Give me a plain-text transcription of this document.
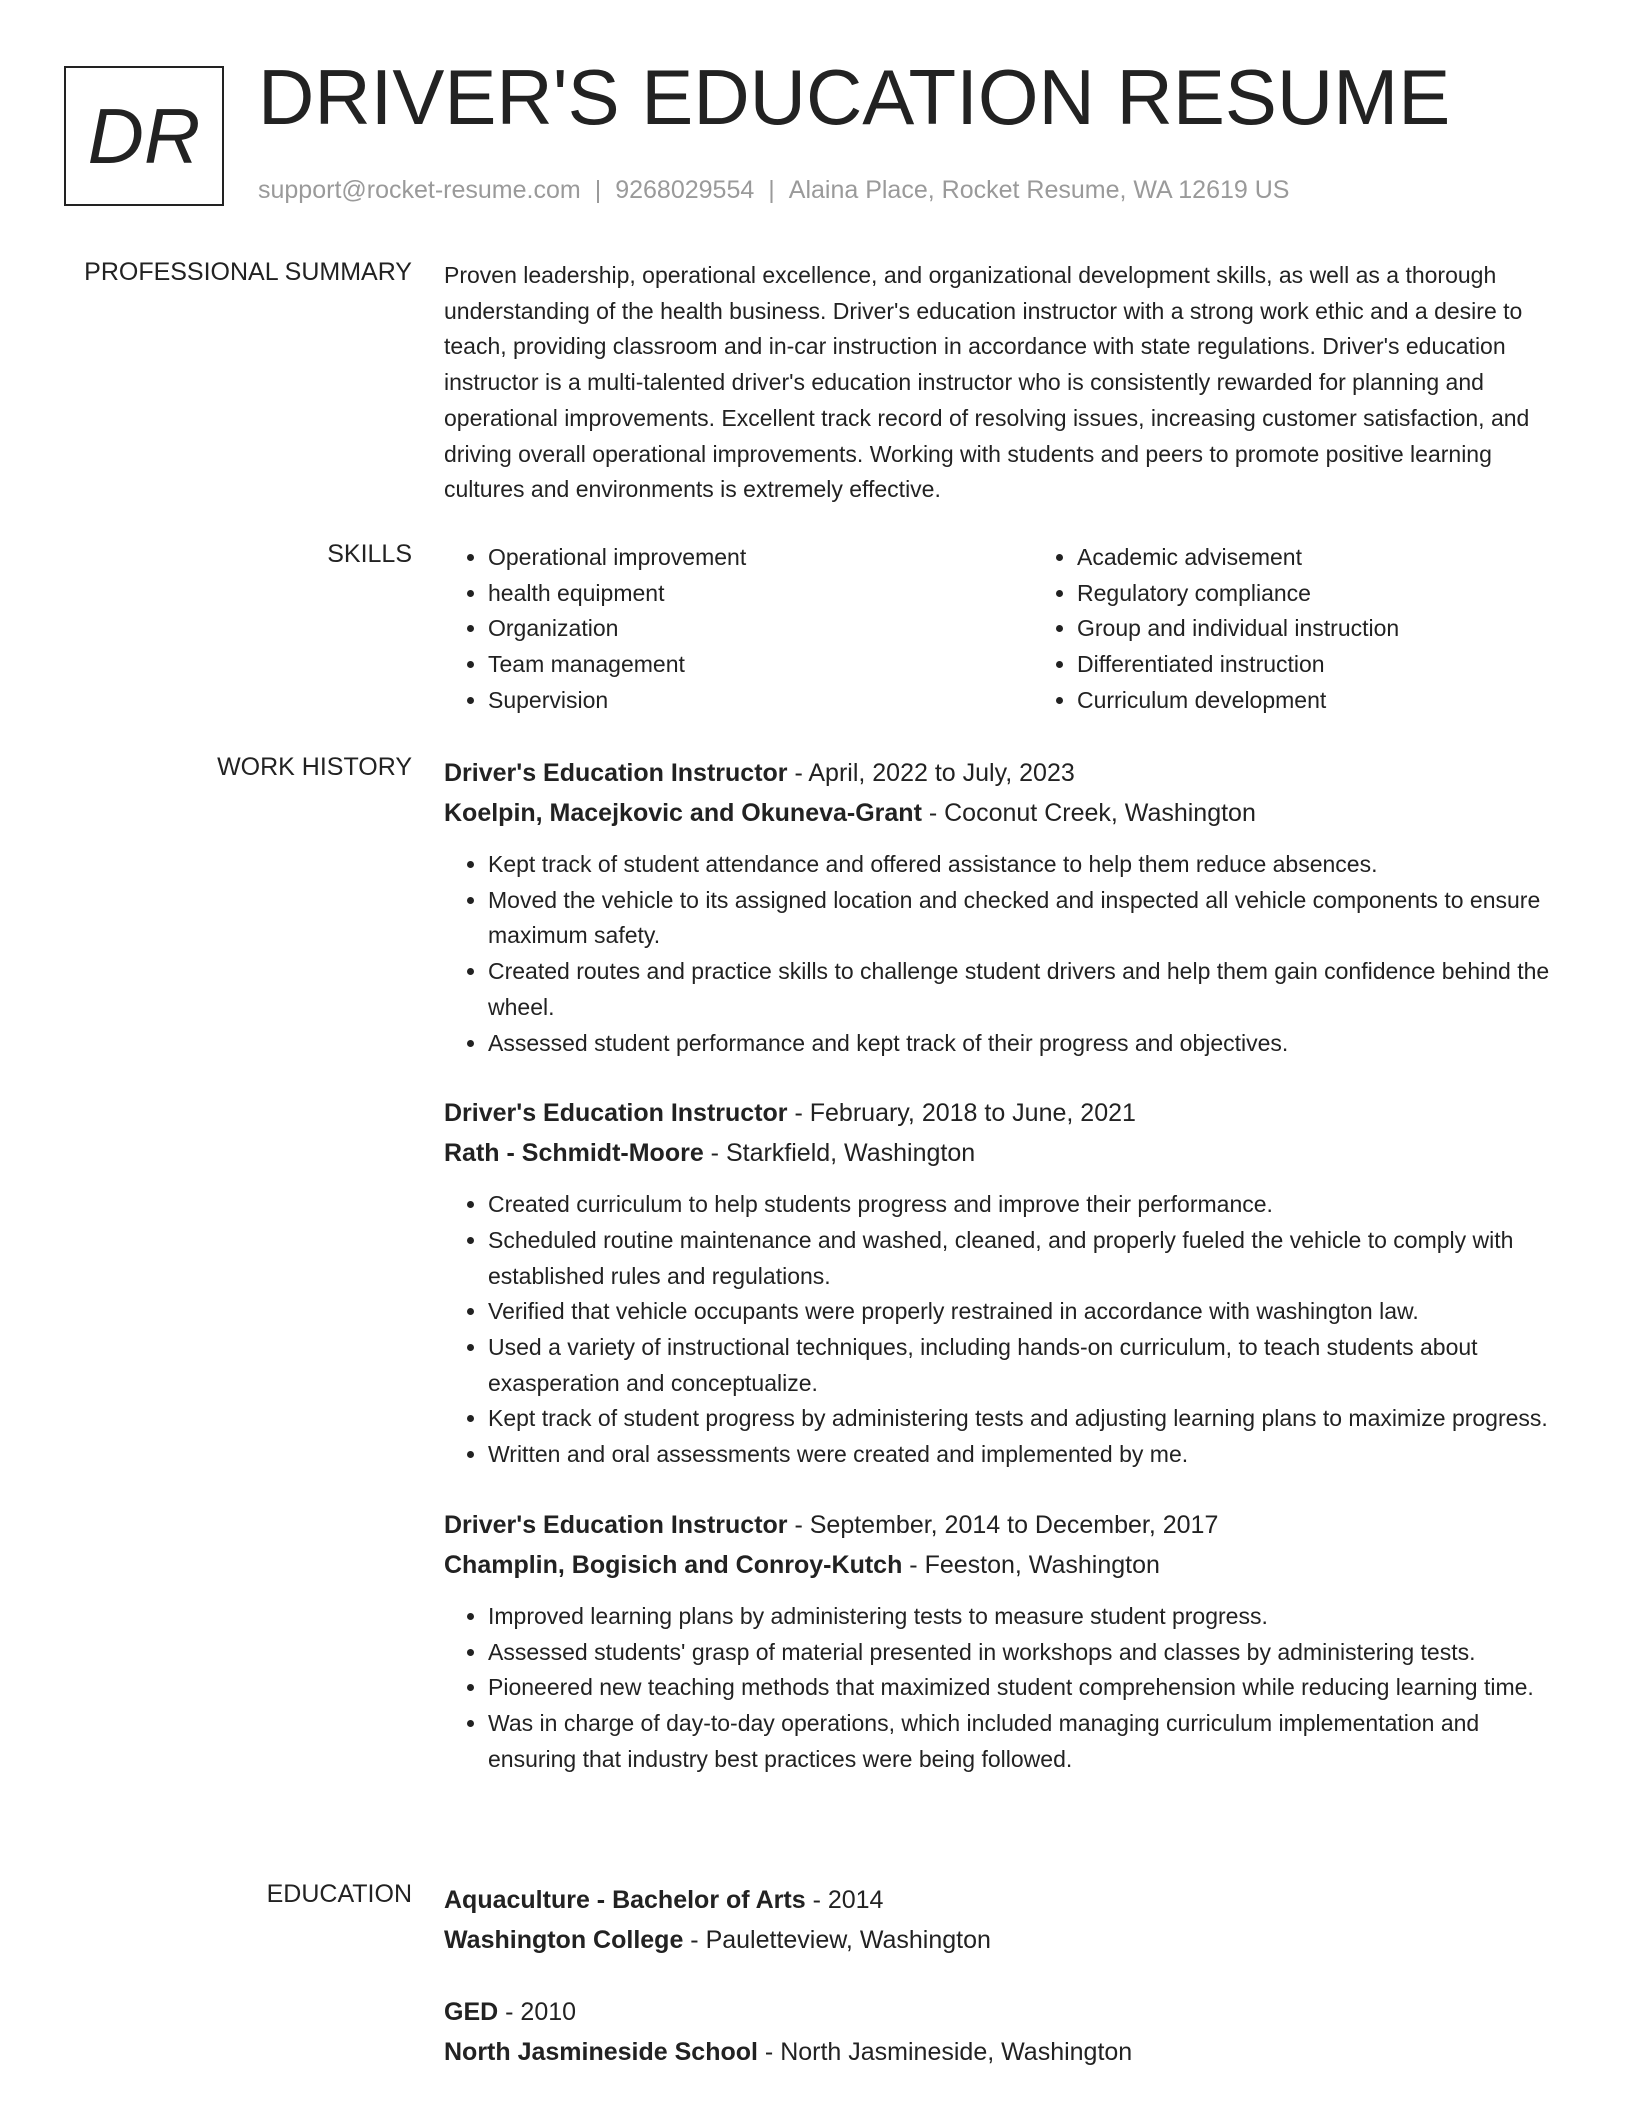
DR DRIVER'S EDUCATION RESUME
support@rocket-resume.com | 9268029554 | Alaina Place, Rocket Resume, WA 12619 US
PROFESSIONAL SUMMARY Proven leadership, operational excellence, and organizational development skills, as well as a thorough understanding of the health business. Driver's education instructor with a strong work ethic and a desire to teach, providing classroom and in-car instruction in accordance with state regulations. Driver's education instructor is a multi-talented driver's education instructor who is consistently rewarded for planning and operational improvements. Excellent track record of resolving issues, increasing customer satisfaction, and driving overall operational improvements. Working with students and peers to promote positive learning cultures and environments is extremely effective.

SKILLS
•	Operational improvement
• health equipment
• Organization
• Team management
• Supervision
• Academic advisement
• Regulatory compliance
• Group and individual instruction
• Differentiated instruction
• Curriculum development
WORK HISTORY Driver's Education Instructor - April, 2022 to July, 2023
Koelpin, Macejkovic and Okuneva-Grant - Coconut Creek, Washington
• Kept track of student attendance and offered assistance to help them reduce absences.
• Moved the vehicle to its assigned location and checked and inspected all vehicle components to ensure maximum safety.
• Created routes and practice skills to challenge student drivers and help them gain confidence behind the wheel.
• Assessed student performance and kept track of their progress and objectives.
Driver's Education Instructor - February, 2018 to June, 2021
Rath - Schmidt-Moore - Starkfield, Washington
• Created curriculum to help students progress and improve their performance.
• Scheduled routine maintenance and washed, cleaned, and properly fueled the vehicle to comply with established rules and regulations.
• Verified that vehicle occupants were properly restrained in accordance with washington law.
• Used a variety of instructional techniques, including hands-on curriculum, to teach students about exasperation and conceptualize.
• Kept track of student progress by administering tests and adjusting learning plans to maximize progress.
• Written and oral assessments were created and implemented by me.
Driver's Education Instructor - September, 2014 to December, 2017
Champlin, Bogisich and Conroy-Kutch - Feeston, Washington
• Improved learning plans by administering tests to measure student progress.
• Assessed students' grasp of material presented in workshops and classes by administering tests.
• Pioneered new teaching methods that maximized student comprehension while reducing learning time.
• Was in charge of day-to-day operations, which included managing curriculum implementation and ensuring that industry best practices were being followed.
EDUCATION Aquaculture - Bachelor of Arts - 2014
Washington College - Pauletteview, Washington
GED - 2010
North Jasmineside School - North Jasmineside, Washington
